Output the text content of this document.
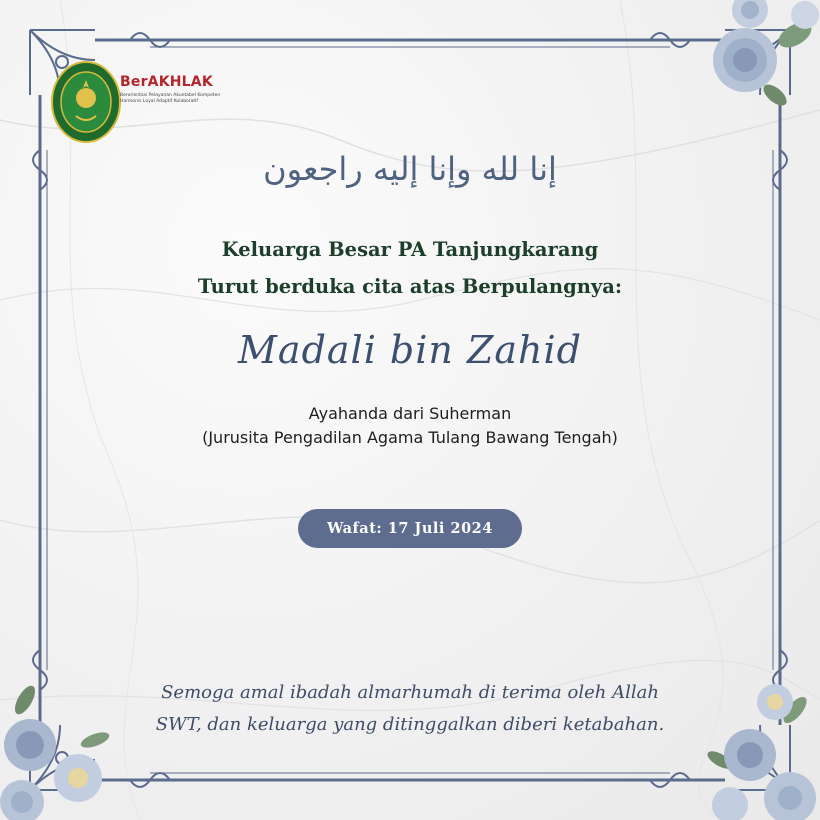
BerAKHLAK
Berorientasi Pelayanan Akuntabel Kompeten Harmonis Loyal Adaptif Kolaboratif
إنا لله وإنا إليه راجعون
Keluarga Besar PA Tanjungkarang
Turut berduka cita atas Berpulangnya:
Madali bin Zahid
Ayahanda dari Suherman
(Jurusita Pengadilan Agama Tulang Bawang Tengah)
Wafat: 17 Juli 2024
Semoga amal ibadah almarhumah di terima oleh Allah
SWT, dan keluarga yang ditinggalkan diberi ketabahan.
